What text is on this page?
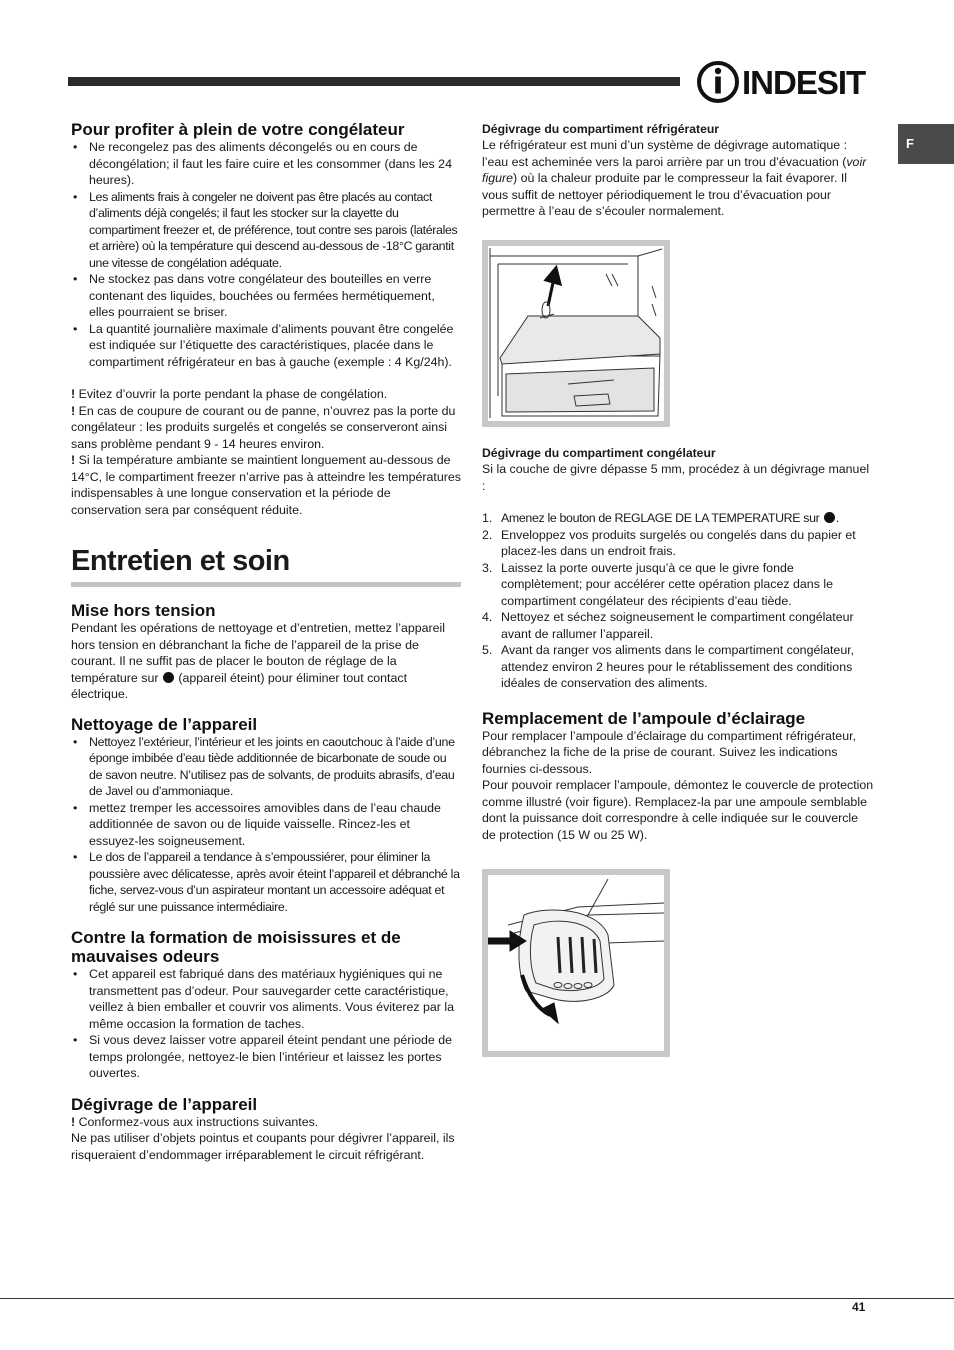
INDESIT
F
Pour profiter à plein de votre congélateur
• Ne recongelez pas des aliments décongelés ou en cours de décongélation; il faut les faire cuire et les consommer (dans les 24 heures).
• Les aliments frais à congeler ne doivent pas être placés au contact d’aliments déjà congelés; il faut les stocker sur la clayette du compartiment freezer et, de préférence, tout contre ses parois (latérales et arrière) où la température qui descend au-dessous de -18°C garantit une vitesse de congélation adéquate.
• Ne stockez pas dans votre congélateur des bouteilles en verre contenant des liquides, bouchées ou fermées hermétiquement, elles pourraient se briser.
• La quantité journalière maximale d’aliments pouvant être congelée est indiquée sur l’étiquette des caractéristiques, placée dans le compartiment réfrigérateur en bas à gauche (exemple : 4 Kg/24h).

! Evitez d’ouvrir la porte pendant la phase de congélation.

! En cas de coupure de courant ou de panne, n’ouvrez pas la porte du congélateur : les produits surgelés et congelés se conserveront ainsi sans problème pendant 9 - 14 heures environ.

! Si la température ambiante se maintient longuement au-dessous de 14°C, le compartiment freezer n’arrive pas à atteindre les températures indispensables à une longue conservation et la période de conservation sera par conséquent réduite.

Entretien et soin
Mise hors tension

Pendant les opérations de nettoyage et d’entretien, mettez l’appareil hors tension en débranchant la fiche de l’appareil de la prise de courant. Il ne suffit pas de placer le bouton de réglage de la température sur (appareil éteint) pour éliminer tout contact électrique.

Nettoyage de l’appareil
• Nettoyez l’extérieur, l’intérieur et les joints en caoutchouc à l’aide d’une éponge imbibée d’eau tiède additionnée de bicarbonate de soude ou de savon neutre. N’utilisez pas de solvants, de produits abrasifs, d’eau de Javel ou d’ammoniaque.
• mettez tremper les accessoires amovibles dans de l’eau chaude additionnée de savon ou de liquide vaisselle. Rincez-les et essuyez-les soigneusement.
• Le dos de l’appareil a tendance à s’empoussiérer, pour éliminer la poussière avec délicatesse, après avoir éteint l’appareil et débranché la fiche, servez-vous d’un aspirateur montant un accessoire adéquat et réglé sur une puissance intermédiaire.
Contre la formation de moisissures et de mauvaises odeurs
• Cet appareil est fabriqué dans des matériaux hygiéniques qui ne transmettent pas d’odeur. Pour sauvegarder cette caractéristique, veillez à bien emballer et couvrir vos aliments. Vous éviterez par la même occasion la formation de taches.
• Si vous devez laisser votre appareil éteint pendant une période de temps prolongée, nettoyez-le bien l’intérieur et laissez les portes ouvertes.
Dégivrage de l’appareil

! Conformez-vous aux instructions suivantes.

Ne pas utiliser d’objets pointus et coupants pour dégivrer l’appareil, ils risqueraient d’endommager irréparablement le circuit réfrigérant.

Dégivrage du compartiment réfrigérateur

Le réfrigérateur est muni d’un système de dégivrage automatique : l’eau est acheminée vers la paroi arrière par un trou d’évacuation (voir figure) où la chaleur produite par le compresseur la fait évaporer. Il vous suffit de nettoyer périodiquement le trou d’évacuation pour permettre à l’eau de s’écouler normalement.

Dégivrage du compartiment congélateur

Si la couche de givre dépasse 5 mm, procédez à un dégivrage manuel :

1. Amenez le bouton de REGLAGE DE LA TEMPERATURE sur .
2. Enveloppez vos produits surgelés ou congelés dans du papier et placez-les dans un endroit frais.
3. Laissez la porte ouverte jusqu’à ce que le givre fonde complètement; pour accélérer cette opération placez dans le compartiment congélateur des récipients d’eau tiède.
4. Nettoyez et séchez soigneusement le compartiment congélateur avant de rallumer l’appareil.
5. Avant da ranger vos aliments dans le compartiment congélateur, attendez environ 2 heures pour le rétablissement des conditions idéales de conservation des aliments.
Remplacement de l’ampoule d’éclairage

Pour remplacer l’ampoule d’éclairage du compartiment réfrigérateur, débranchez la fiche de la prise de courant. Suivez les indications fournies ci-dessous.

Pour pouvoir remplacer l’ampoule, démontez le couvercle de protection comme illustré (voir figure). Remplacez-la par une ampoule semblable dont la puissance doit correspondre à celle indiquée sur le couvercle de protection (15 W ou 25 W).

41
